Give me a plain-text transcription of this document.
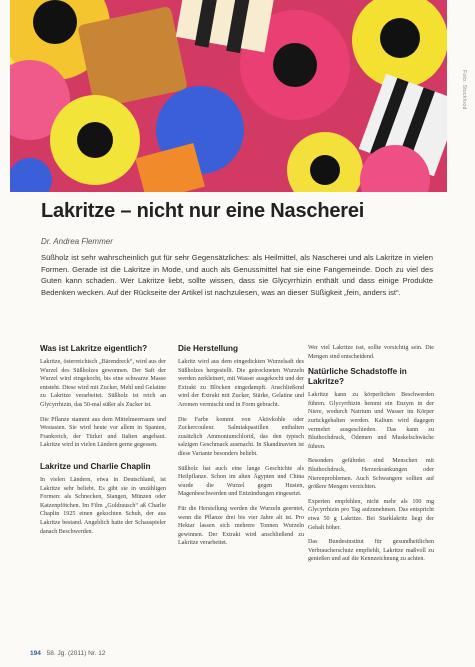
Foto: Stockfood
Lakritze – nicht nur eine Nascherei
Dr. Andrea Flemmer

Süßholz ist sehr wahrscheinlich gut für sehr Gegensätzliches: als Heilmittel, als Nascherei und als Lakritze in vielen Formen. Gerade ist die Lakritze in Mode, und auch als Genussmittel hat sie eine Fangemeinde. Doch zu viel des Guten kann schaden. Wer Lakritze liebt, sollte wissen, dass sie Glycyrrhizin enthält und dass einige Produkte Bedenken wecken. Auf der Rückseite der Artikel ist nachzulesen, was an dieser Süßigkeit „fein, anders ist“.

Was ist Lakritze eigentlich?

Lakritze, österreichisch „Bärendreck“, wird aus der Wurzel des Süßholzes gewonnen. Der Saft der Wurzel wird eingekocht, bis eine schwarze Masse entsteht. Diese wird mit Zucker, Mehl und Gelatine zu Lakritze verarbeitet. Süßholz ist reich an Glycyrrhizin, das 50-mal süßer als Zucker ist.

Die Pflanze stammt aus dem Mittelmeerraum und Westasien. Sie wird heute vor allem in Spanien, Frankreich, der Türkei und Italien angebaut. Lakritze wird in vielen Ländern gerne gegessen.

Lakritze und Charlie Chaplin

In vielen Ländern, etwa in Deutschland, ist Lakritze sehr beliebt. Es gibt sie in unzähligen Formen: als Schnecken, Stangen, Münzen oder Katzenpfötchen. Im Film „Goldrausch“ aß Charlie Chaplin 1925 einen gekochten Schuh, der aus Lakritze bestand. Angeblich hatte der Schauspieler danach Beschwerden.

Die Herstellung

Lakritz wird aus dem eingedickten Wurzelsaft des Süßholzes hergestellt. Die getrockneten Wurzeln werden zerkleinert, mit Wasser ausgekocht und der Extrakt zu Blöcken eingedampft. Anschließend wird der Extrakt mit Zucker, Stärke, Gelatine und Aromen vermischt und in Form gebracht.

Die Farbe kommt von Aktivkohle oder Zuckercouleur. Salmiakpastillen enthalten zusätzlich Ammoniumchlorid, das den typisch salzigen Geschmack ausmacht. In Skandinavien ist diese Variante besonders beliebt.

Süßholz hat auch eine lange Geschichte als Heilpflanze. Schon im alten Ägypten und China wurde die Wurzel gegen Husten, Magenbeschwerden und Entzündungen eingesetzt.

Für die Herstellung werden die Wurzeln geerntet, wenn die Pflanze drei bis vier Jahre alt ist. Pro Hektar lassen sich mehrere Tonnen Wurzeln gewinnen. Der Extrakt wird anschließend zu Lakritze verarbeitet.

Wer viel Lakritze isst, sollte vorsichtig sein. Die Mengen sind entscheidend.

Natürliche Schadstoffe in Lakritze?

Lakritze kann zu körperlichen Beschwerden führen. Glycyrrhizin hemmt ein Enzym in der Niere, wodurch Natrium und Wasser im Körper zurückgehalten werden. Kalium wird dagegen vermehrt ausgeschieden. Das kann zu Bluthochdruck, Ödemen und Muskelschwäche führen.

Besonders gefährdet sind Menschen mit Bluthochdruck, Herzerkrankungen oder Nierenproblemen. Auch Schwangere sollten auf größere Mengen verzichten.

Experten empfehlen, nicht mehr als 100 mg Glycyrrhizin pro Tag aufzunehmen. Das entspricht etwa 50 g Lakritze. Bei Starklakritz liegt der Gehalt höher.

Das Bundesinstitut für gesundheitlichen Verbraucherschutz empfiehlt, Lakritze maßvoll zu genießen und auf die Kennzeichnung zu achten.

194 58. Jg. (2011) Nr. 12
